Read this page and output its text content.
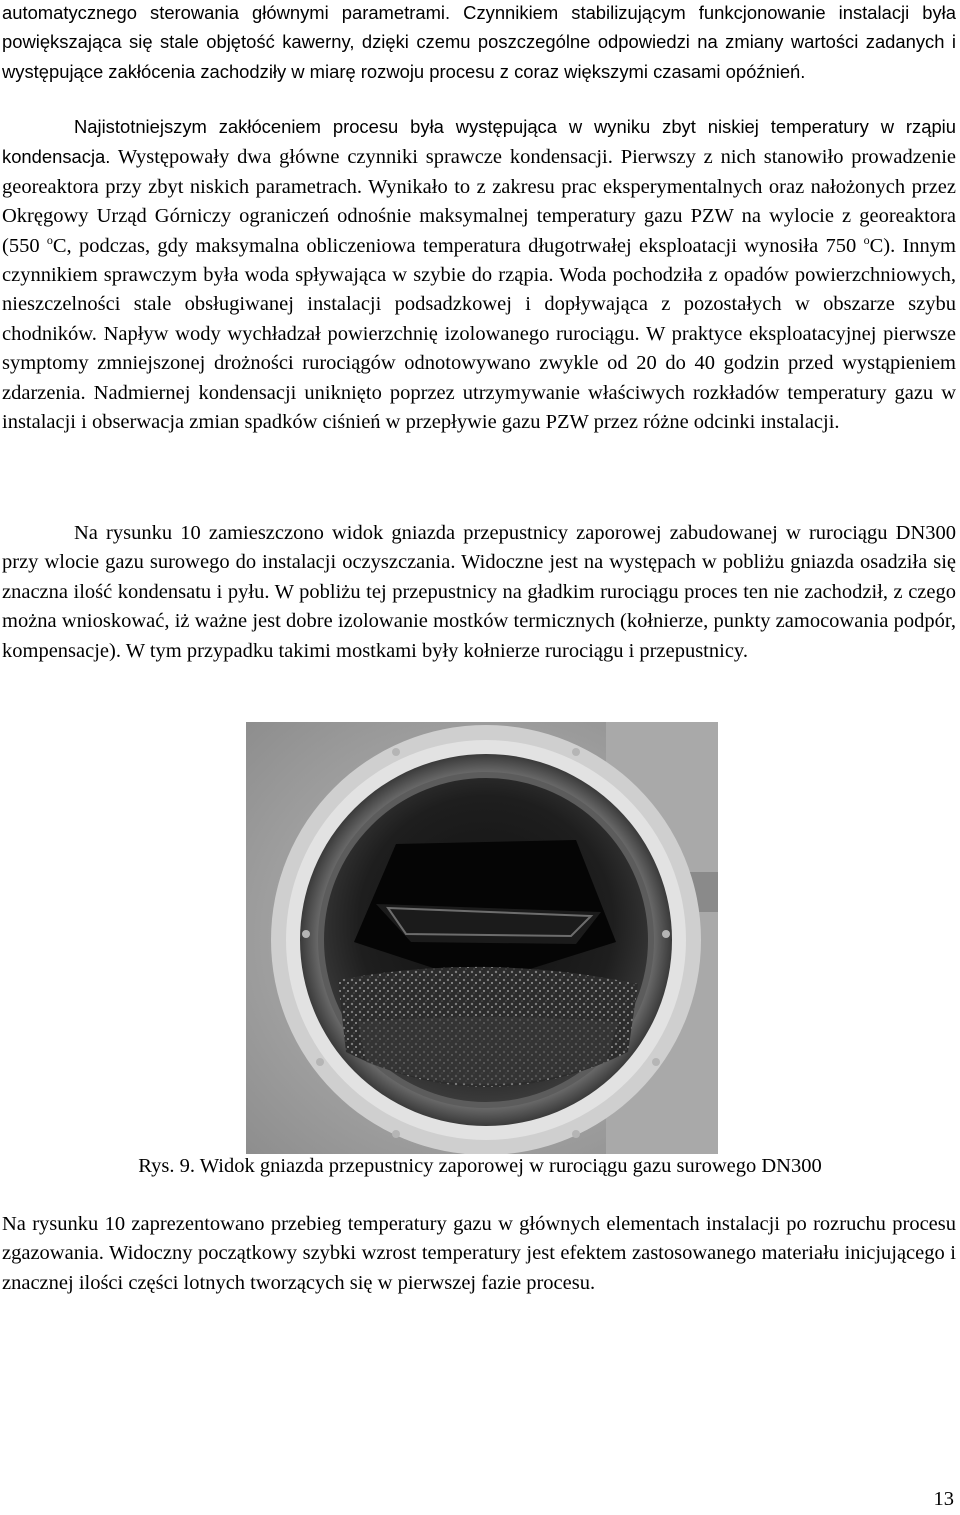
automatycznego sterowania głównymi parametrami. Czynnikiem stabilizującym funkcjonowanie instalacji była powiększająca się stale objętość kawerny, dzięki czemu poszczególne odpowiedzi na zmiany wartości zadanych i występujące zakłócenia zachodziły w miarę rozwoju procesu z coraz większymi czasami opóźnień.

Najistotniejszym zakłóceniem procesu była występująca w wyniku zbyt niskiej temperatury w rząpiu kondensacja. Występowały dwa główne czynniki sprawcze kondensacji. Pierwszy z nich stanowiło prowadzenie georeaktora przy zbyt niskich parametrach. Wynikało to z zakresu prac eksperymentalnych oraz nałożonych przez Okręgowy Urząd Górniczy ograniczeń odnośnie maksymalnej temperatury gazu PZW na wylocie z georeaktora (550 $^o$C, podczas, gdy maksymalna obliczeniowa temperatura długotrwałej eksploatacji wynosiła 750 $^o$C). Innym czynnikiem sprawczym była woda spływająca w szybie do rząpia. Woda pochodziła z opadów powierzchniowych, nieszczelności stale obsługiwanej instalacji podsadzkowej i dopływająca z pozostałych w obszarze szybu chodników. Napływ wody wychładzał powierzchnię izolowanego rurociągu. W praktyce eksploatacyjnej pierwsze symptomy zmniejszonej drożności rurociągów odnotowywano zwykle od 20 do 40 godzin przed wystąpieniem zdarzenia. Nadmiernej kondensacji uniknięto poprzez utrzymywanie właściwych rozkładów temperatury gazu w instalacji i obserwacja zmian spadków ciśnień w przepływie gazu PZW przez różne odcinki instalacji.

Na rysunku 10 zamieszczono widok gniazda przepustnicy zaporowej zabudowanej w rurociągu DN300 przy wlocie gazu surowego do instalacji oczyszczania. Widoczne jest na występach w pobliżu gniazda osadziła się znaczna ilość kondensatu i pyłu. W pobliżu tej przepustnicy na gładkim rurociągu proces ten nie zachodził, z czego można wnioskować, iż ważne jest dobre izolowanie mostków termicznych (kołnierze, punkty zamocowania podpór, kompensacje). W tym przypadku takimi mostkami były kołnierze rurociągu i przepustnicy.

Rys. 9. Widok gniazda przepustnicy zaporowej w rurociągu gazu surowego DN300

Na rysunku 10 zaprezentowano przebieg temperatury gazu w głównych elementach instalacji po rozruchu procesu zgazowania. Widoczny początkowy szybki wzrost temperatury jest efektem zastosowanego materiału inicjującego i znacznej ilości części lotnych tworzących się w pierwszej fazie procesu.

13
